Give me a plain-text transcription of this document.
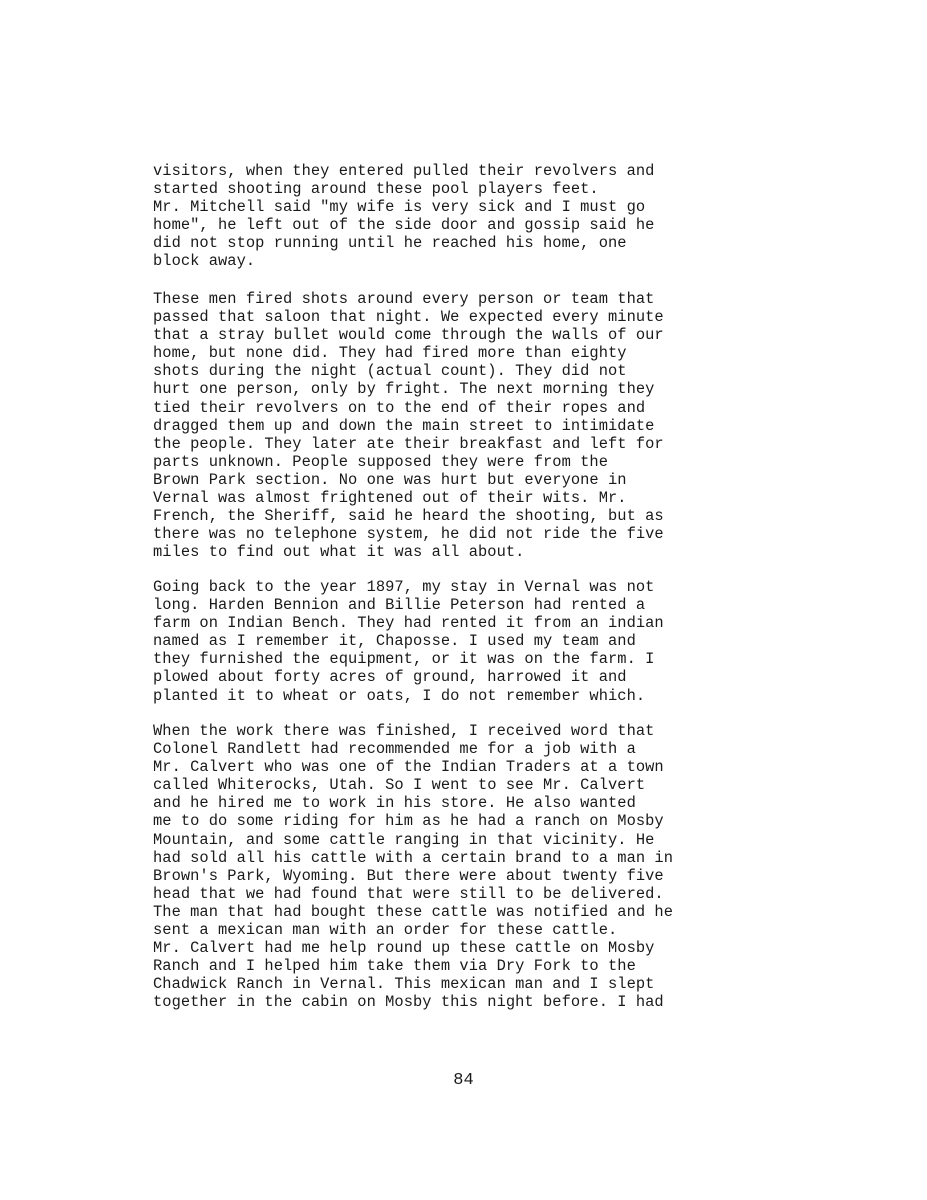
visitors, when they entered pulled their revolvers and
started shooting around these pool players feet.
Mr. Mitchell said "my wife is very sick and I must go
home", he left out of the side door and gossip said he
did not stop running until he reached his home, one
block away.

These men fired shots around every person or team that
passed that saloon that night. We expected every minute
that a stray bullet would come through the walls of our
home, but none did. They had fired more than eighty
shots during the night (actual count). They did not
hurt one person, only by fright. The next morning they
tied their revolvers on to the end of their ropes and
dragged them up and down the main street to intimidate
the people. They later ate their breakfast and left for
parts unknown. People supposed they were from the
Brown Park section. No one was hurt but everyone in
Vernal was almost frightened out of their wits. Mr.
French, the Sheriff, said he heard the shooting, but as
there was no telephone system, he did not ride the five
miles to find out what it was all about.

Going back to the year 1897, my stay in Vernal was not
long. Harden Bennion and Billie Peterson had rented a
farm on Indian Bench. They had rented it from an indian
named as I remember it, Chaposse. I used my team and
they furnished the equipment, or it was on the farm. I
plowed about forty acres of ground, harrowed it and
planted it to wheat or oats, I do not remember which.

When the work there was finished, I received word that
Colonel Randlett had recommended me for a job with a
Mr. Calvert who was one of the Indian Traders at a town
called Whiterocks, Utah. So I went to see Mr. Calvert
and he hired me to work in his store. He also wanted
me to do some riding for him as he had a ranch on Mosby
Mountain, and some cattle ranging in that vicinity. He
had sold all his cattle with a certain brand to a man in
Brown's Park, Wyoming. But there were about twenty five
head that we had found that were still to be delivered.
The man that had bought these cattle was notified and he
sent a mexican man with an order for these cattle.
Mr. Calvert had me help round up these cattle on Mosby
Ranch and I helped him take them via Dry Fork to the
Chadwick Ranch in Vernal. This mexican man and I slept
together in the cabin on Mosby this night before. I had

84
